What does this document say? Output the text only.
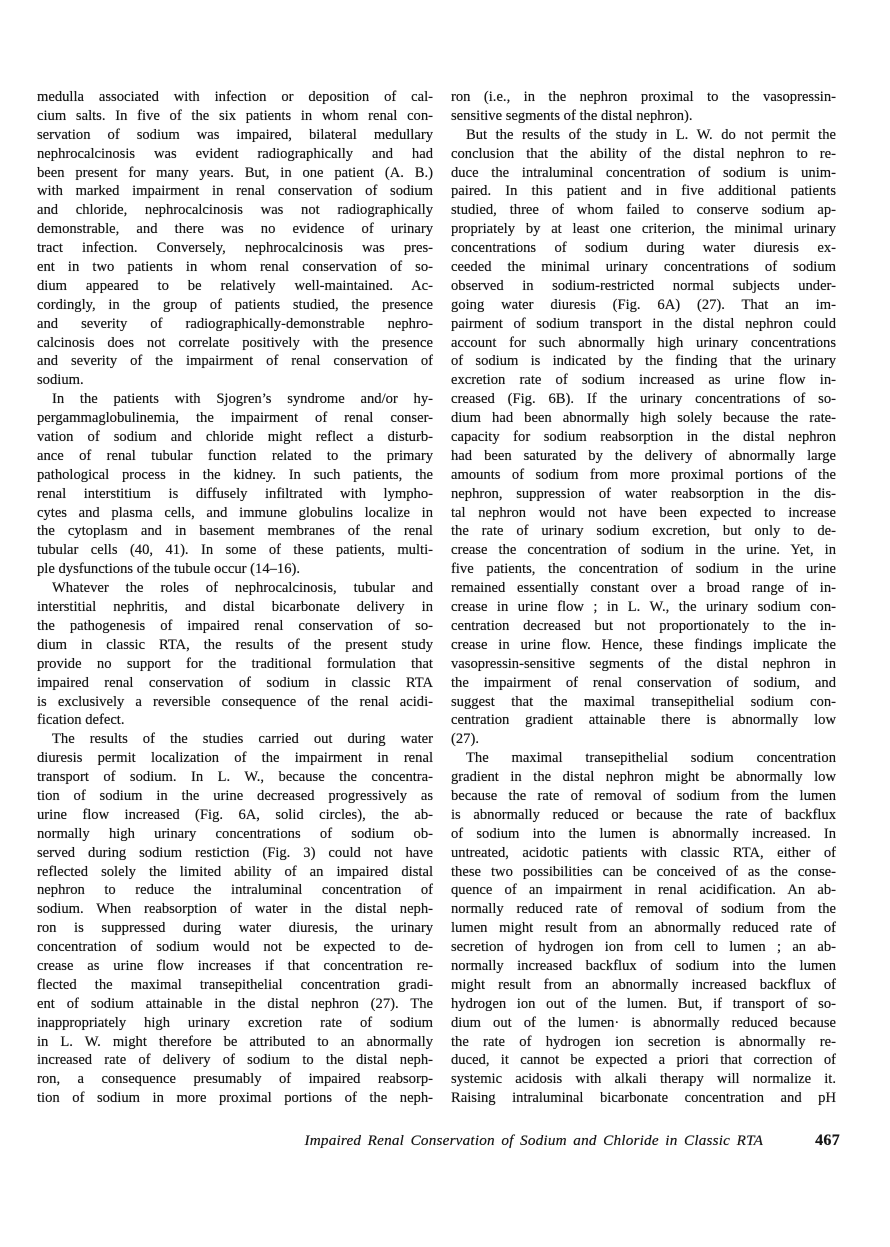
medulla associated with infection or deposition of cal-
cium salts. In five of the six patients in whom renal con-
servation of sodium was impaired, bilateral medullary
nephrocalcinosis was evident radiographically and had
been present for many years. But, in one patient (A. B.)
with marked impairment in renal conservation of sodium
and chloride, nephrocalcinosis was not radiographically
demonstrable, and there was no evidence of urinary
tract infection. Conversely, nephrocalcinosis was pres-
ent in two patients in whom renal conservation of so-
dium appeared to be relatively well-maintained. Ac-
cordingly, in the group of patients studied, the presence
and severity of radiographically-demonstrable nephro-
calcinosis does not correlate positively with the presence
and severity of the impairment of renal conservation of
sodium.
In the patients with Sjogren’s syndrome and/or hy-
pergammaglobulinemia, the impairment of renal conser-
vation of sodium and chloride might reflect a disturb-
ance of renal tubular function related to the primary
pathological process in the kidney. In such patients, the
renal interstitium is diffusely infiltrated with lympho-
cytes and plasma cells, and immune globulins localize in
the cytoplasm and in basement membranes of the renal
tubular cells (40, 41). In some of these patients, multi-
ple dysfunctions of the tubule occur (14–16).
Whatever the roles of nephrocalcinosis, tubular and
interstitial nephritis, and distal bicarbonate delivery in
the pathogenesis of impaired renal conservation of so-
dium in classic RTA, the results of the present study
provide no support for the traditional formulation that
impaired renal conservation of sodium in classic RTA
is exclusively a reversible consequence of the renal acidi-
fication defect.
The results of the studies carried out during water
diuresis permit localization of the impairment in renal
transport of sodium. In L. W., because the concentra-
tion of sodium in the urine decreased progressively as
urine flow increased (Fig. 6A, solid circles), the ab-
normally high urinary concentrations of sodium ob-
served during sodium restiction (Fig. 3) could not have
reflected solely the limited ability of an impaired distal
nephron to reduce the intraluminal concentration of
sodium. When reabsorption of water in the distal neph-
ron is suppressed during water diuresis, the urinary
concentration of sodium would not be expected to de-
crease as urine flow increases if that concentration re-
flected the maximal transepithelial concentration gradi-
ent of sodium attainable in the distal nephron (27). The
inappropriately high urinary excretion rate of sodium
in L. W. might therefore be attributed to an abnormally
increased rate of delivery of sodium to the distal neph-
ron, a consequence presumably of impaired reabsorp-
tion of sodium in more proximal portions of the neph-
ron (i.e., in the nephron proximal to the vasopressin-
sensitive segments of the distal nephron).
But the results of the study in L. W. do not permit the
conclusion that the ability of the distal nephron to re-
duce the intraluminal concentration of sodium is unim-
paired. In this patient and in five additional patients
studied, three of whom failed to conserve sodium ap-
propriately by at least one criterion, the minimal urinary
concentrations of sodium during water diuresis ex-
ceeded the minimal urinary concentrations of sodium
observed in sodium-restricted normal subjects under-
going water diuresis (Fig. 6A) (27). That an im-
pairment of sodium transport in the distal nephron could
account for such abnormally high urinary concentrations
of sodium is indicated by the finding that the urinary
excretion rate of sodium increased as urine flow in-
creased (Fig. 6B). If the urinary concentrations of so-
dium had been abnormally high solely because the rate-
capacity for sodium reabsorption in the distal nephron
had been saturated by the delivery of abnormally large
amounts of sodium from more proximal portions of the
nephron, suppression of water reabsorption in the dis-
tal nephron would not have been expected to increase
the rate of urinary sodium excretion, but only to de-
crease the concentration of sodium in the urine. Yet, in
five patients, the concentration of sodium in the urine
remained essentially constant over a broad range of in-
crease in urine flow ; in L. W., the urinary sodium con-
centration decreased but not proportionately to the in-
crease in urine flow. Hence, these findings implicate the
vasopressin-sensitive segments of the distal nephron in
the impairment of renal conservation of sodium, and
suggest that the maximal transepithelial sodium con-
centration gradient attainable there is abnormally low
(27).
The maximal transepithelial sodium concentration
gradient in the distal nephron might be abnormally low
because the rate of removal of sodium from the lumen
is abnormally reduced or because the rate of backflux
of sodium into the lumen is abnormally increased. In
untreated, acidotic patients with classic RTA, either of
these two possibilities can be conceived of as the conse-
quence of an impairment in renal acidification. An ab-
normally reduced rate of removal of sodium from the
lumen might result from an abnormally reduced rate of
secretion of hydrogen ion from cell to lumen ; an ab-
normally increased backflux of sodium into the lumen
might result from an abnormally increased backflux of
hydrogen ion out of the lumen. But, if transport of so-
dium out of the lumen· is abnormally reduced because
the rate of hydrogen ion secretion is abnormally re-
duced, it cannot be expected a priori that correction of
systemic acidosis with alkali therapy will normalize it.
Raising intraluminal bicarbonate concentration and pH
Impaired Renal Conservation of Sodium and Chloride in Classic RTA	467
